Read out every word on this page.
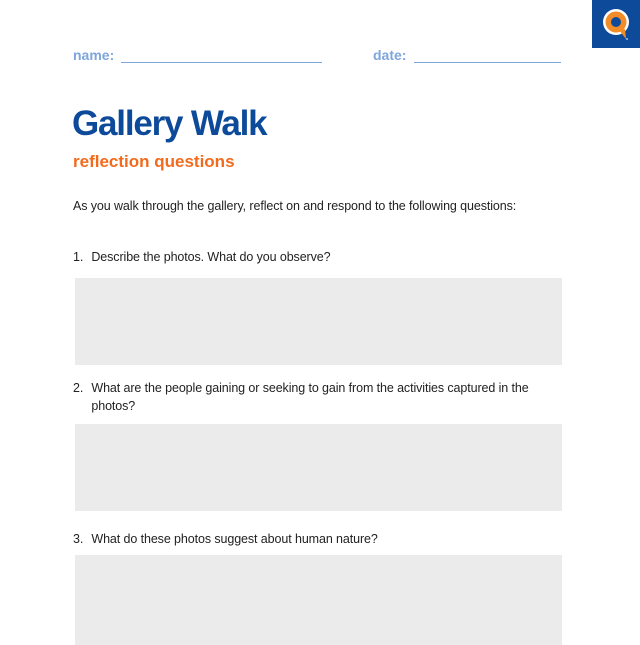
name:	date:
Gallery Walk
reflection questions

As you walk through the gallery, reflect on and respond to the following questions:

1. Describe the photos. What do you observe?
2. What are the people gaining or seeking to gain from the activities captured in the photos?
3. What do these photos suggest about human nature?
